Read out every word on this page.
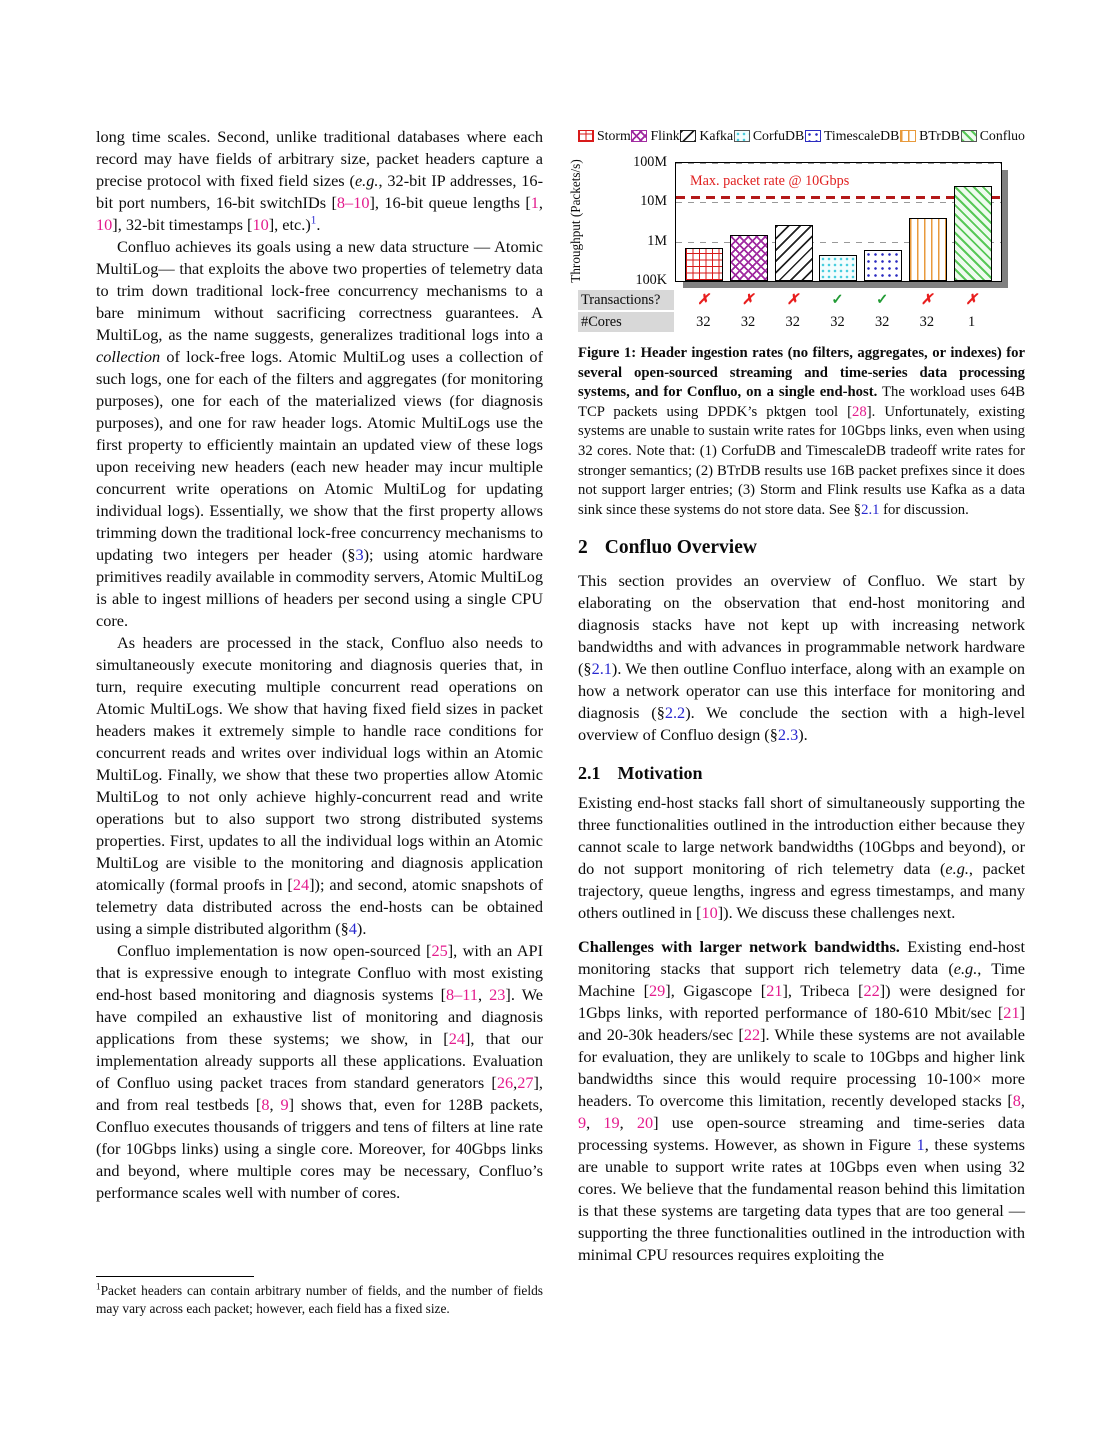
long time scales. Second, unlike traditional databases where each record may have fields of arbitrary size, packet headers capture a precise protocol with fixed field sizes (e.g., 32-bit IP addresses, 16-bit port numbers, 16-bit switchIDs [8–10], 16-bit queue lengths [1, 10], 32-bit timestamps [10], etc.)$^1$.

Confluo achieves its goals using a new data structure — Atomic MultiLog— that exploits the above two properties of telemetry data to trim down traditional lock-free concurrency mechanisms to a bare minimum without sacrificing correctness guarantees. A MultiLog, as the name suggests, generalizes traditional logs into a collection of lock-free logs. Atomic MultiLog uses a collection of such logs, one for each of the filters and aggregates (for monitoring purposes), one for each of the materialized views (for diagnosis purposes), and one for raw header logs. Atomic MultiLogs use the first property to efficiently maintain an updated view of these logs upon receiving new headers (each new header may incur multiple concurrent write operations on Atomic MultiLog for updating individual logs). Essentially, we show that the first property allows trimming down the traditional lock-free concurrency mechanisms to updating two integers per header (§3); using atomic hardware primitives readily available in commodity servers, Atomic MultiLog is able to ingest millions of headers per second using a single CPU core.

As headers are processed in the stack, Confluo also needs to simultaneously execute monitoring and diagnosis queries that, in turn, require executing multiple concurrent read operations on Atomic MultiLogs. We show that having fixed field sizes in packet headers makes it extremely simple to handle race conditions for concurrent reads and writes over individual logs within an Atomic MultiLog. Finally, we show that these two properties allow Atomic MultiLog to not only achieve highly-concurrent read and write operations but to also support two strong distributed systems properties. First, updates to all the individual logs within an Atomic MultiLog are visible to the monitoring and diagnosis application atomically (formal proofs in [24]); and second, atomic snapshots of telemetry data distributed across the end-hosts can be obtained using a simple distributed algorithm (§4).

Confluo implementation is now open-sourced [25], with an API that is expressive enough to integrate Confluo with most existing end-host based monitoring and diagnosis systems [8–11, 23]. We have compiled an exhaustive list of monitoring and diagnosis applications from these systems; we show, in [24], that our implementation already supports all these applications. Evaluation of Confluo using packet traces from standard generators [26,27], and from real testbeds [8, 9] shows that, even for 128B packets, Confluo executes thousands of triggers and tens of filters at line rate (for 10Gbps links) using a single core. Moreover, for 40Gbps links and beyond, where multiple cores may be necessary, Confluo’s performance scales well with number of cores.

$^1$Packet headers can contain arbitrary number of fields, and the number of fields may vary across each packet; however, each field has a fixed size.
Storm Flink Kafka CorfuDB TimescaleDB BTrDB Confluo
Throughput (Packets/s)	Max. packet rate @ 10Gbps
100M
10M
1M
100K
Transactions?	✗	✗	✗	✓	✓	✗	✗
#Cores	32	32	32	32	32	32	1

Figure 1: Header ingestion rates (no filters, aggregates, or indexes) for several open-sourced streaming and time-series data processing systems, and for Confluo, on a single end-host. The workload uses 64B TCP packets using DPDK’s pktgen tool [28]. Unfortunately, existing systems are unable to sustain write rates for 10Gbps links, even when using 32 cores. Note that: (1) CorfuDB and TimescaleDB tradeoff write rates for stronger semantics; (2) BTrDB results use 16B packet prefixes since it does not support larger entries; (3) Storm and Flink results use Kafka as a data sink since these systems do not store data. See §2.1 for discussion.

2 Confluo Overview

This section provides an overview of Confluo. We start by elaborating on the observation that end-host monitoring and diagnosis stacks have not kept up with increasing network bandwidths and with advances in programmable network hardware (§2.1). We then outline Confluo interface, along with an example on how a network operator can use this interface for monitoring and diagnosis (§2.2). We conclude the section with a high-level overview of Confluo design (§2.3).

2.1 Motivation

Existing end-host stacks fall short of simultaneously supporting the three functionalities outlined in the introduction either because they cannot scale to large network bandwidths (10Gbps and beyond), or do not support monitoring of rich telemetry data (e.g., packet trajectory, queue lengths, ingress and egress timestamps, and many others outlined in [10]). We discuss these challenges next.

Challenges with larger network bandwidths. Existing end-host monitoring stacks that support rich telemetry data (e.g., Time Machine [29], Gigascope [21], Tribeca [22]) were designed for 1Gbps links, with reported performance of 180-610 Mbit/sec [21] and 20-30k headers/sec [22]. While these systems are not available for evaluation, they are unlikely to scale to 10Gbps and higher link bandwidths since this would require processing 10-100× more headers. To overcome this limitation, recently developed stacks [8, 9, 19, 20] use open-source streaming and time-series data processing systems. However, as shown in Figure 1, these systems are unable to support write rates at 10Gbps even when using 32 cores. We believe that the fundamental reason behind this limitation is that these systems are targeting data types that are too general — supporting the three functionalities outlined in the introduction with minimal CPU resources requires exploiting the
